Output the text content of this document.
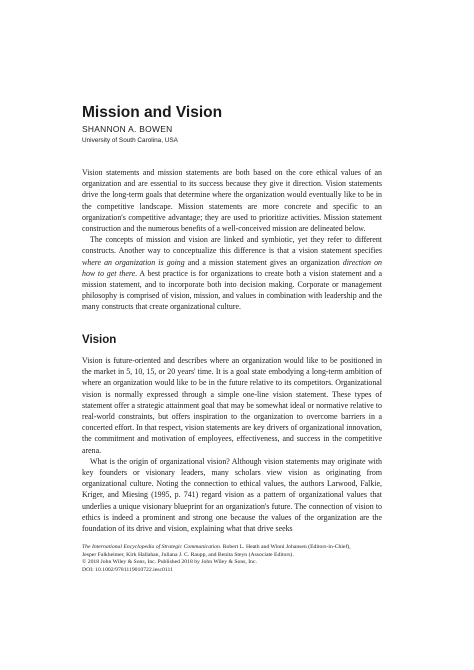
Mission and Vision
SHANNON A. BOWEN
University of South Carolina, USA

Vision statements and mission statements are both based on the core ethical values of an organization and are essential to its success because they give it direction. Vision statements drive the long-term goals that determine where the organization would eventually like to be in the competitive landscape. Mission statements are more concrete and specific to an organization's competitive advantage; they are used to prioritize activities. Mission statement construction and the numerous benefits of a well-conceived mission are delineated below.

The concepts of mission and vision are linked and symbiotic, yet they refer to different constructs. Another way to conceptualize this difference is that a vision statement specifies where an organization is going and a mission statement gives an organization direction on how to get there. A best practice is for organizations to create both a vision statement and a mission statement, and to incorporate both into decision making. Corporate or management philosophy is comprised of vision, mission, and values in combination with leadership and the many constructs that create organizational culture.

Vision

Vision is future-oriented and describes where an organization would like to be positioned in the market in 5, 10, 15, or 20 years' time. It is a goal state embodying a long-term ambition of where an organization would like to be in the future relative to its competitors. Organizational vision is normally expressed through a simple one-line vision statement. These types of statement offer a strategic attainment goal that may be somewhat ideal or normative relative to real-world constraints, but offers inspiration to the organization to overcome barriers in a concerted effort. In that respect, vision statements are key drivers of organizational innovation, the commitment and motivation of employees, effectiveness, and success in the competitive arena.

What is the origin of organizational vision? Although vision statements may originate with key founders or visionary leaders, many scholars view vision as originating from organizational culture. Noting the connection to ethical values, the authors Larwood, Falkie, Kriger, and Miesing (1995, p. 741) regard vision as a pattern of organizational values that underlies a unique visionary blueprint for an organization's future. The connection of vision to ethics is indeed a prominent and strong one because the values of the organization are the foundation of its drive and vision, explaining what that drive seeks

The International Encyclopedia of Strategic Communication. Robert L. Heath and Winni Johansen (Editors-in-Chief),
Jesper Falkheimer, Kirk Hallahan, Juliana J. C. Raupp, and Benita Steyn (Associate Editors).
© 2018 John Wiley & Sons, Inc. Published 2018 by John Wiley & Sons, Inc.
DOI: 10.1002/9781119010722.iesc0111
